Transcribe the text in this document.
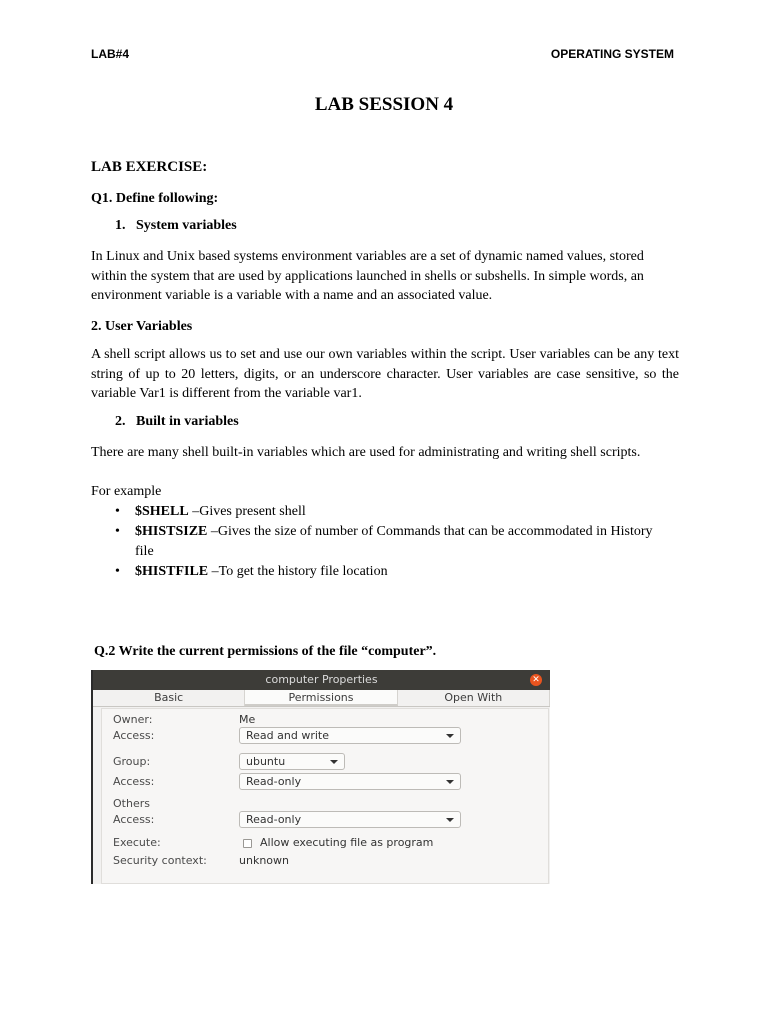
LAB#4	OPERATING SYSTEM
LAB SESSION 4
LAB EXERCISE:
Q1. Define following:
1. System variables
In Linux and Unix based systems environment variables are a set of dynamic named values, stored within the system that are used by applications launched in shells or subshells. In simple words, an environment variable is a variable with a name and an associated value.
2. User Variables
A shell script allows us to set and use our own variables within the script. User variables can be any text string of up to 20 letters, digits, or an underscore character. User variables are case sensitive, so the variable Var1 is different from the variable var1.
2. Built in variables
There are many shell built-in variables which are used for administrating and writing shell scripts.
For example
• $SHELL –Gives present shell
• $HISTSIZE –Gives the size of number of Commands that can be accommodated in History file
• $HISTFILE –To get the history file location
Q.2 Write the current permissions of the file “computer”.
computer Properties	✕
Basic	Permissions	Open With
Owner:	Me
Access:	Read and write
Group:	ubuntu
Access:	Read-only
Others
Access:	Read-only
Execute:	Allow executing file as program
Security context:	unknown
